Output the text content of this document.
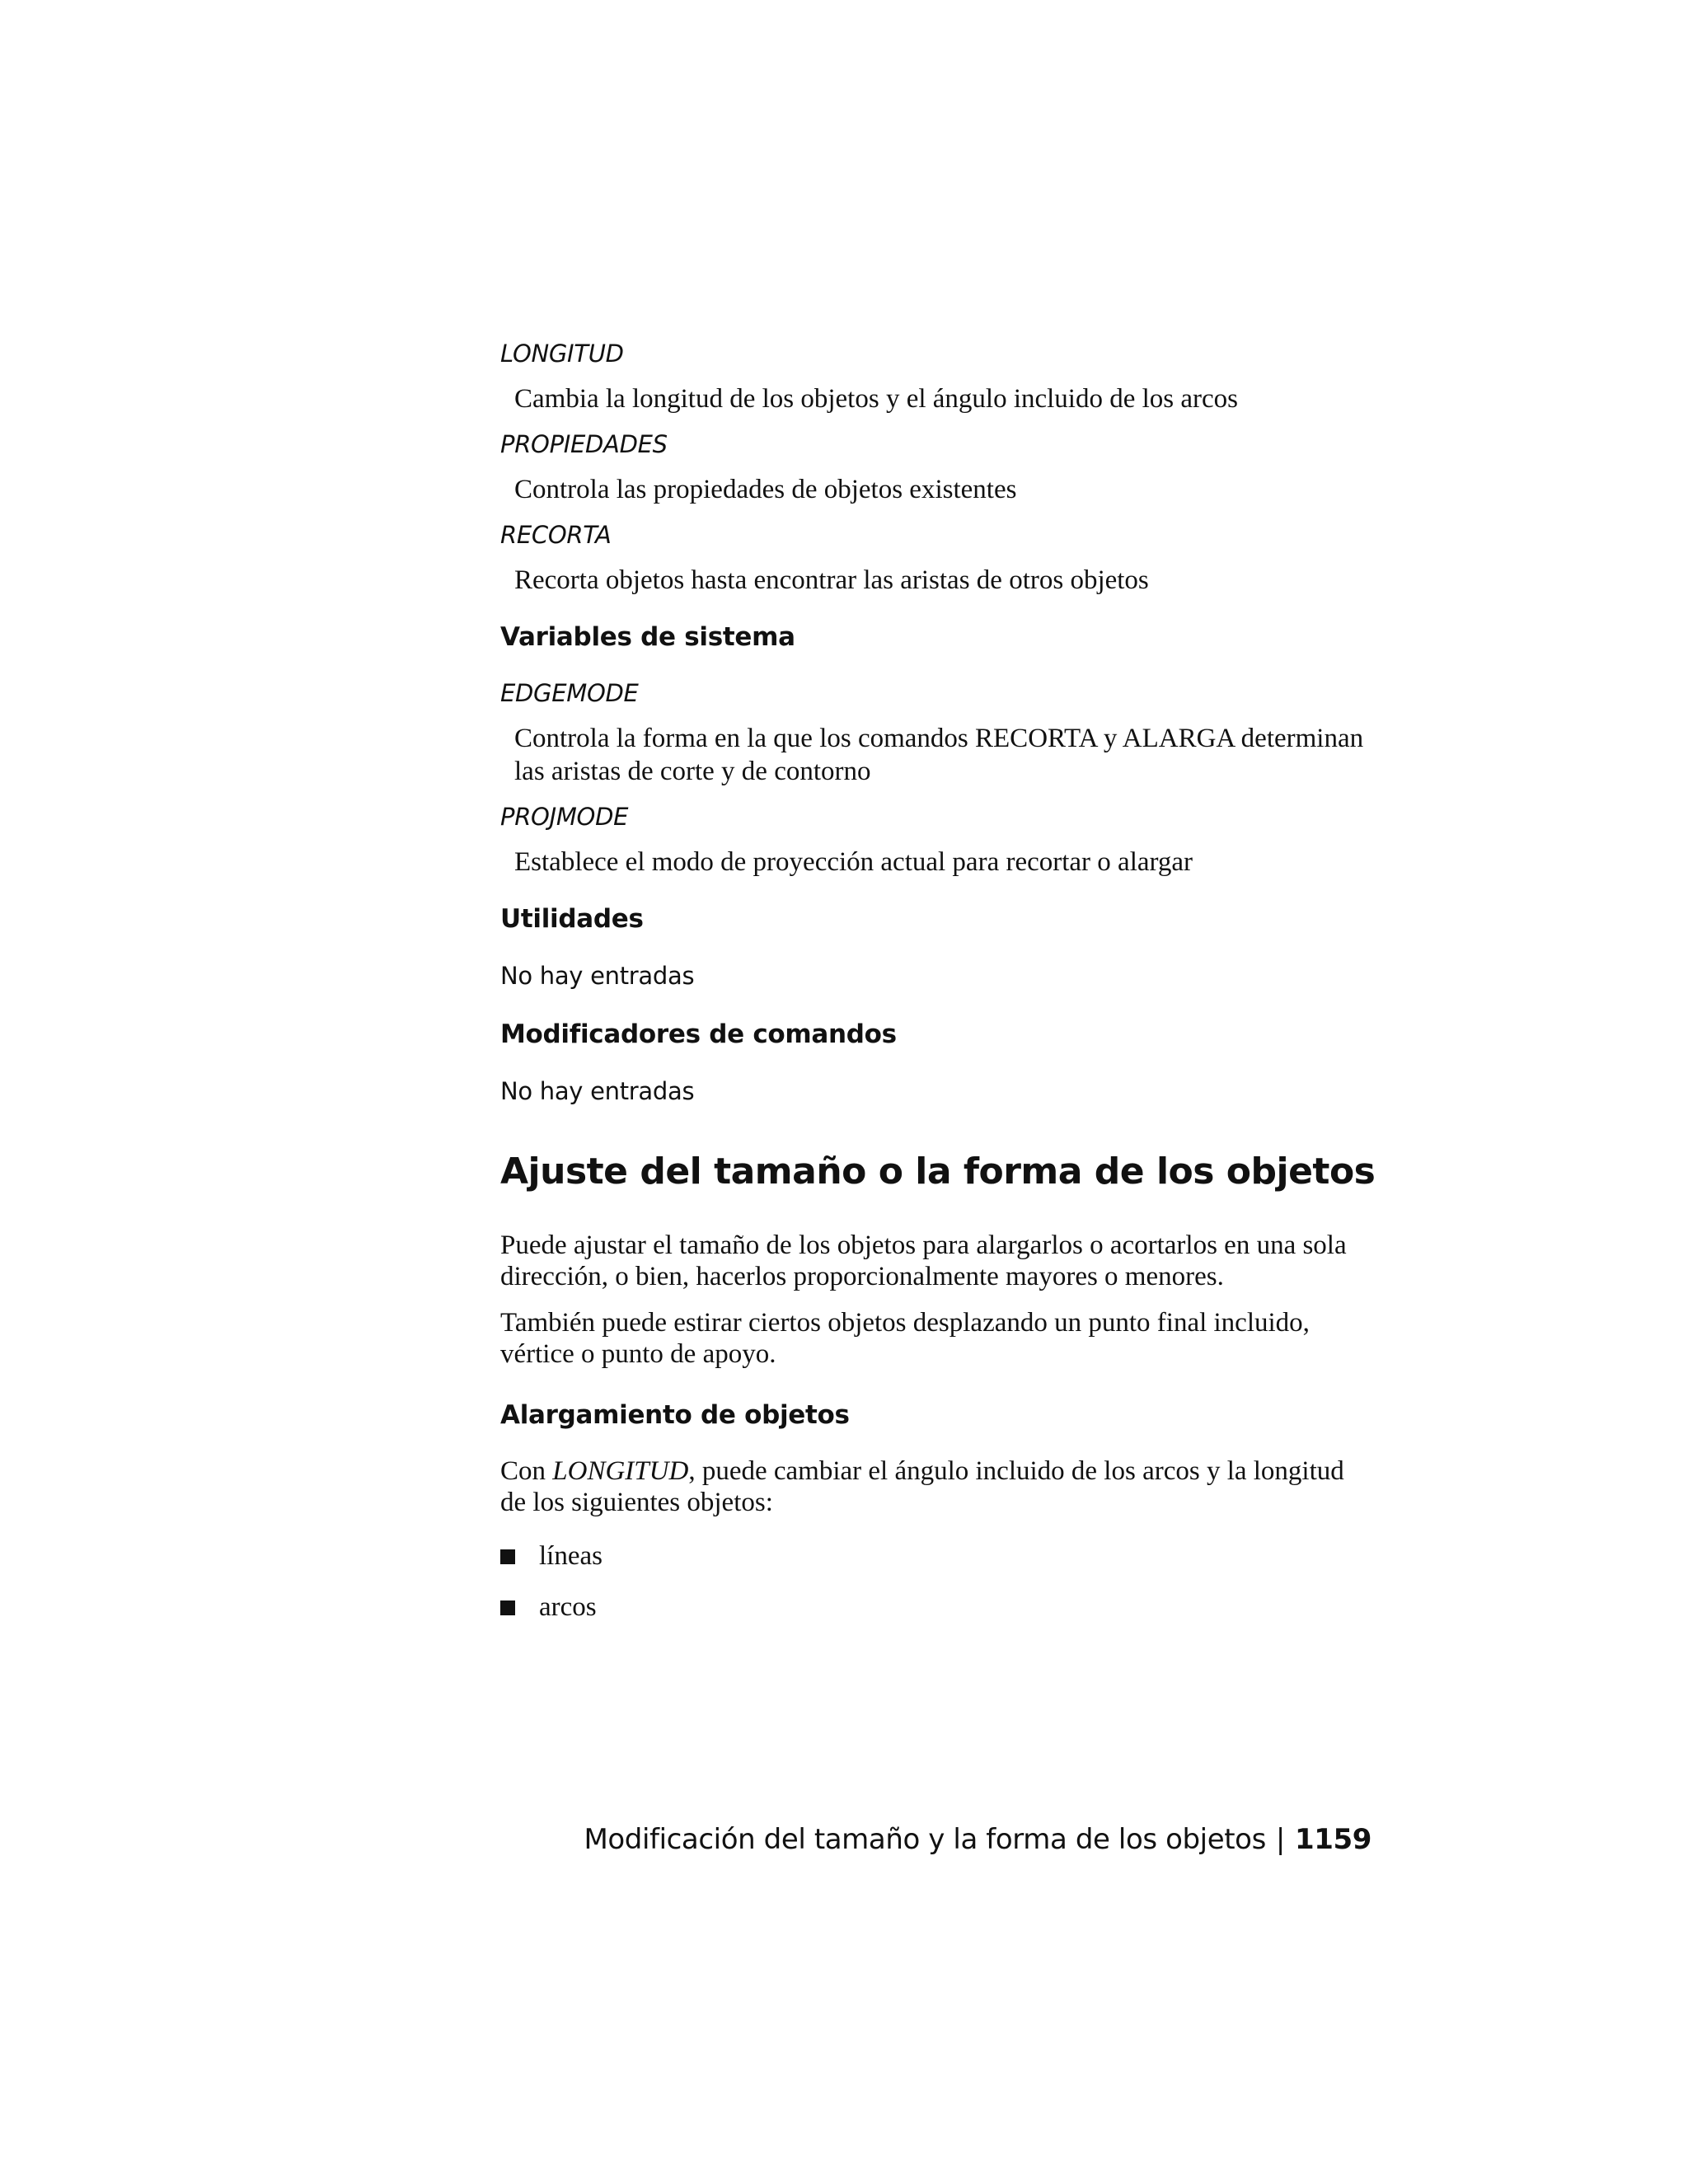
LONGITUD

Cambia la longitud de los objetos y el ángulo incluido de los arcos

PROPIEDADES

Controla las propiedades de objetos existentes

RECORTA

Recorta objetos hasta encontrar las aristas de otros objetos

Variables de sistema

EDGEMODE

Controla la forma en la que los comandos RECORTA y ALARGA determinan
las aristas de corte y de contorno

PROJMODE

Establece el modo de proyección actual para recortar o alargar

Utilidades

No hay entradas

Modificadores de comandos

No hay entradas

Ajuste del tamaño o la forma de los objetos

Puede ajustar el tamaño de los objetos para alargarlos o acortarlos en una sola
dirección, o bien, hacerlos proporcionalmente mayores o menores.

También puede estirar ciertos objetos desplazando un punto final incluido,
vértice o punto de apoyo.

Alargamiento de objetos

Con LONGITUD, puede cambiar el ángulo incluido de los arcos y la longitud
de los siguientes objetos:

líneas
arcos
Modificación del tamaño y la forma de los objetos | 1159
